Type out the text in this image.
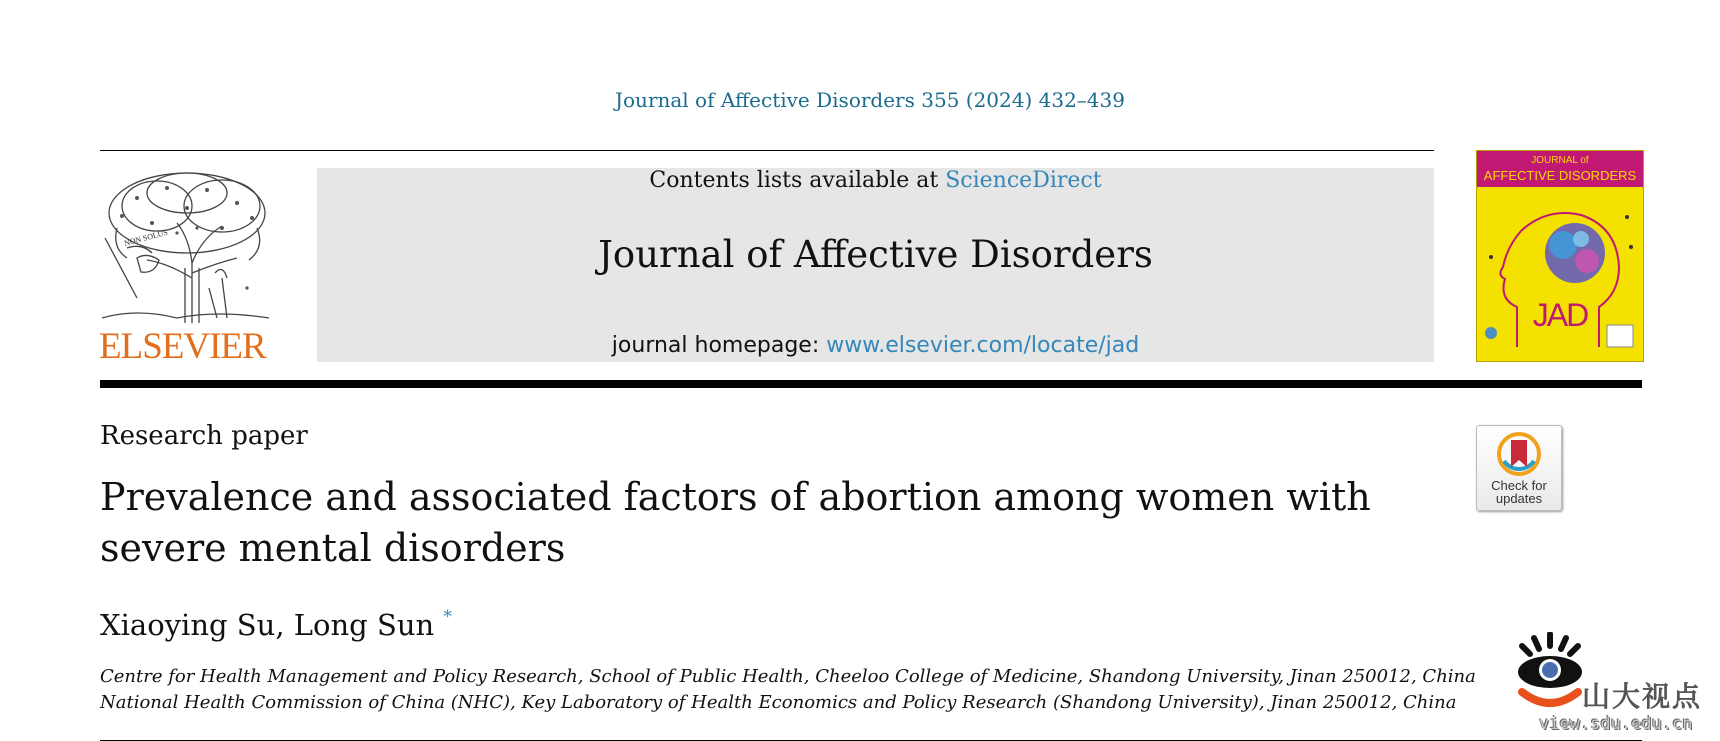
Journal of Affective Disorders 355 (2024) 432–439
NON SOLUS
ELSEVIER
Contents lists available at ScienceDirect
Journal of Affective Disorders
journal homepage: www.elsevier.com/locate/jad
JOURNAL of
AFFECTIVE DISORDERS
JAD
Research paper
Prevalence and associated factors of abortion among women with severe mental disorders
Check for
updates
Xiaoying Su, Long Sun *
Centre for Health Management and Policy Research, School of Public Health, Cheeloo College of Medicine, Shandong University, Jinan 250012, China
National Health Commission of China (NHC), Key Laboratory of Health Economics and Policy Research (Shandong University), Jinan 250012, China	山大视点
view.sdu.edu.cn
